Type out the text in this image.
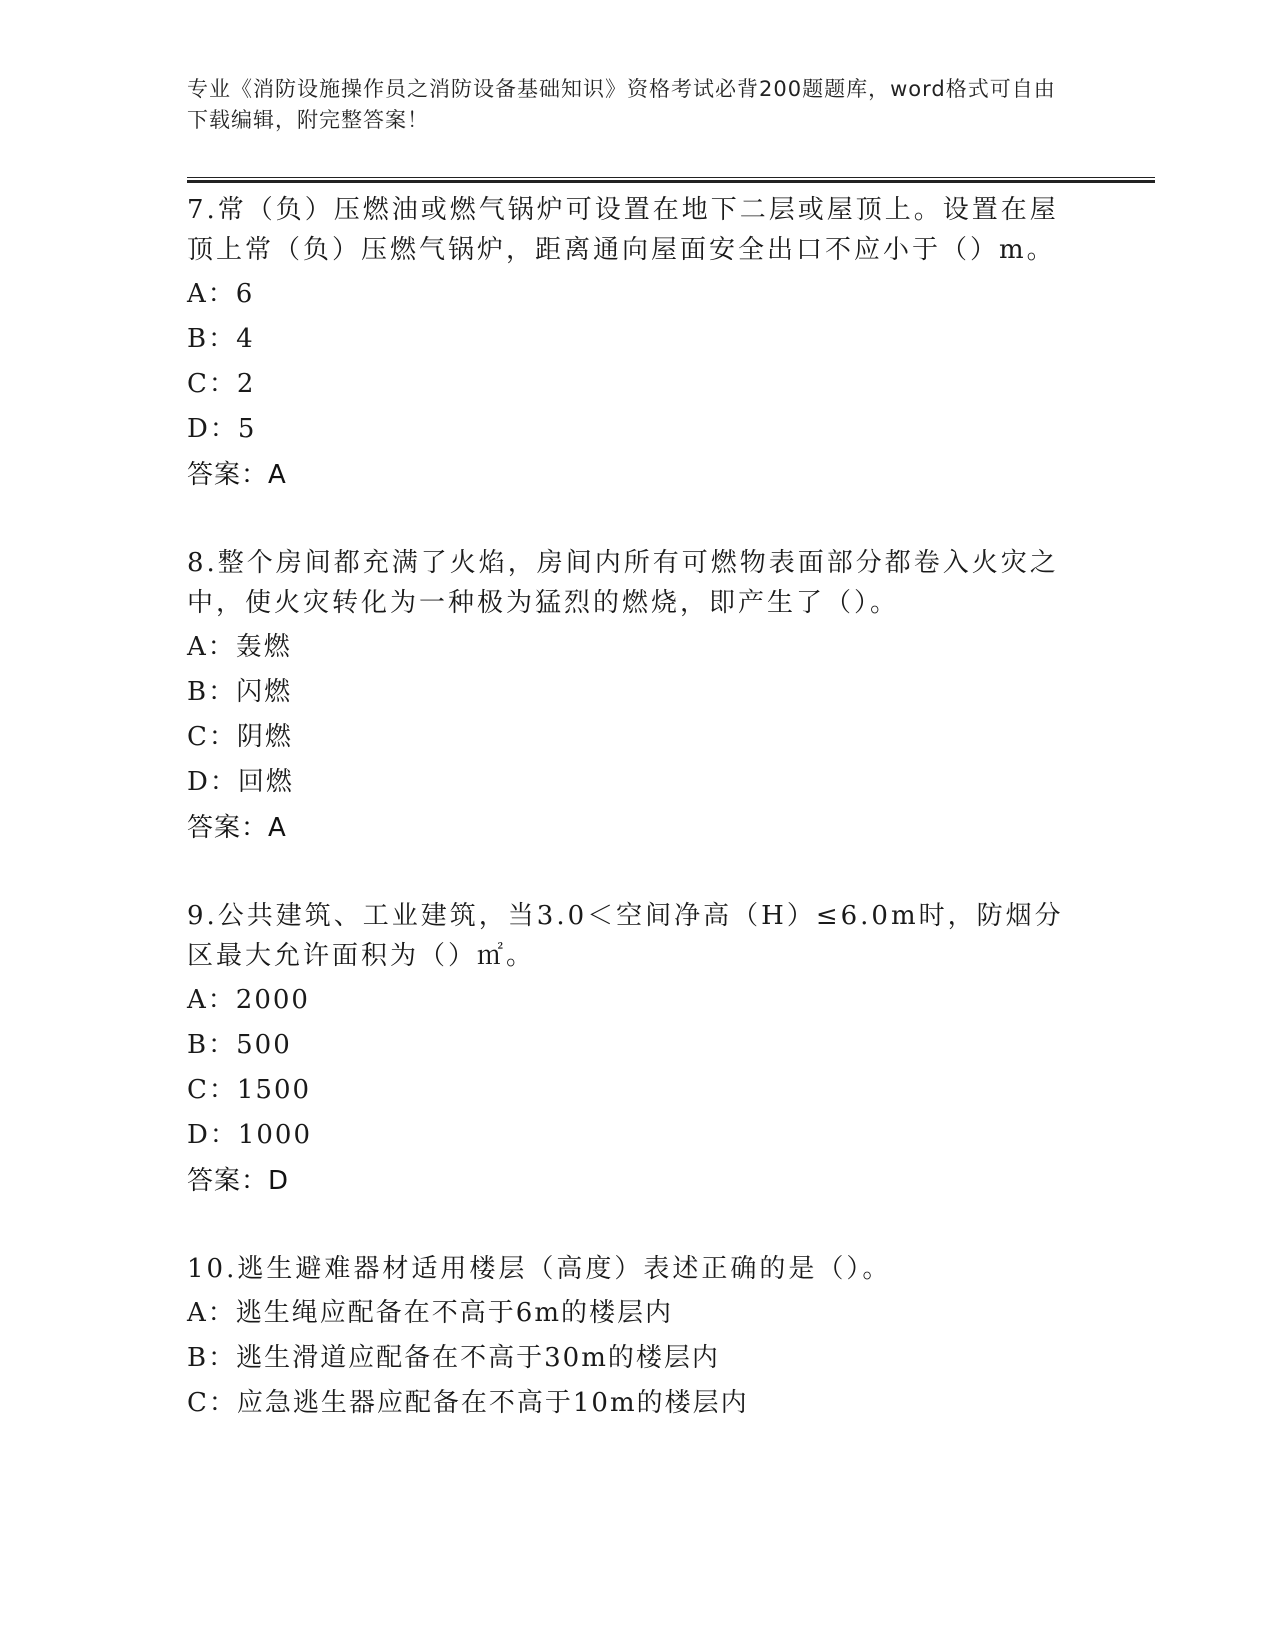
专业《消防设施操作员之消防设备基础知识》资格考试必背200题题库，word格式可自由下载编辑，附完整答案！

7.常（负）压燃油或燃气锅炉可设置在地下二层或屋顶上。设置在屋顶上常（负）压燃气锅炉，距离通向屋面安全出口不应小于（）m。

A：6
B：4
C：2
D：5
答案：A

8.整个房间都充满了火焰，房间内所有可燃物表面部分都卷入火灾之中，使火灾转化为一种极为猛烈的燃烧，即产生了（）。

A：轰燃
B：闪燃
C：阴燃
D：回燃
答案：A

9.公共建筑、工业建筑，当3.0＜空间净高（H）≤6.0m时，防烟分区最大允许面积为（）㎡。

A：2000
B：500
C：1500
D：1000
答案：D

10.逃生避难器材适用楼层（高度）表述正确的是（）。

A：逃生绳应配备在不高于6m的楼层内
B：逃生滑道应配备在不高于30m的楼层内
C：应急逃生器应配备在不高于10m的楼层内
